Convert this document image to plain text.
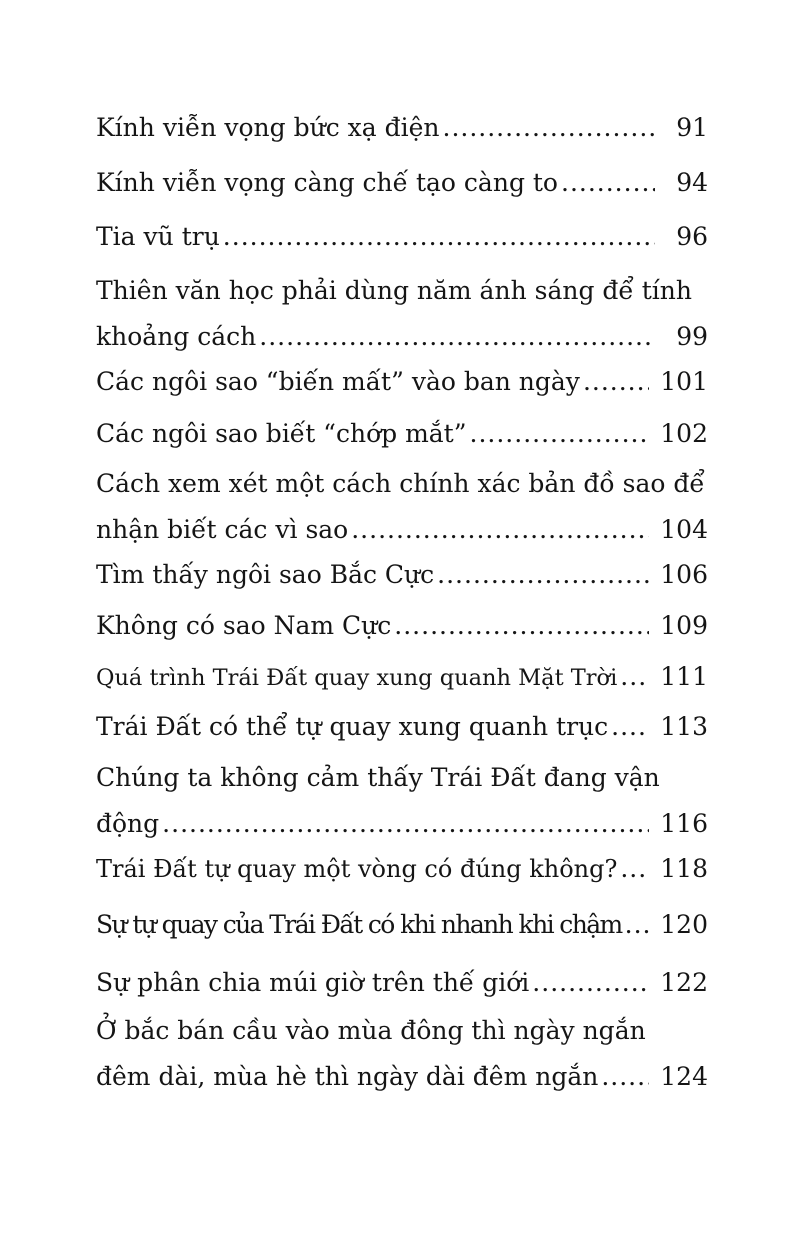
Kính viễn vọng bức xạ điện .....	91
Kính viễn vọng càng chế tạo càng to .....	94
Tia vũ trụ .....	96
Thiên văn học phải dùng năm ánh sáng để tính
khoảng cách .....	99
Các ngôi sao “biến mất” vào ban ngày .....	101
Các ngôi sao biết “chớp mắt” .....	102
Cách xem xét một cách chính xác bản đồ sao để
nhận biết các vì sao .....	104
Tìm thấy ngôi sao Bắc Cực .....	106
Không có sao Nam Cực .....	109
Quá trình Trái Đất quay xung quanh Mặt Trời .....	111
Trái Đất có thể tự quay xung quanh trục .....	113
Chúng ta không cảm thấy Trái Đất đang vận
động .....	116
Trái Đất tự quay một vòng có đúng không? .....	118
Sự tự quay của Trái Đất có khi nhanh khi chậm .....	120
Sự phân chia múi giờ trên thế giới .....	122
Ở bắc bán cầu vào mùa đông thì ngày ngắn
đêm dài, mùa hè thì ngày dài đêm ngắn .....	124
